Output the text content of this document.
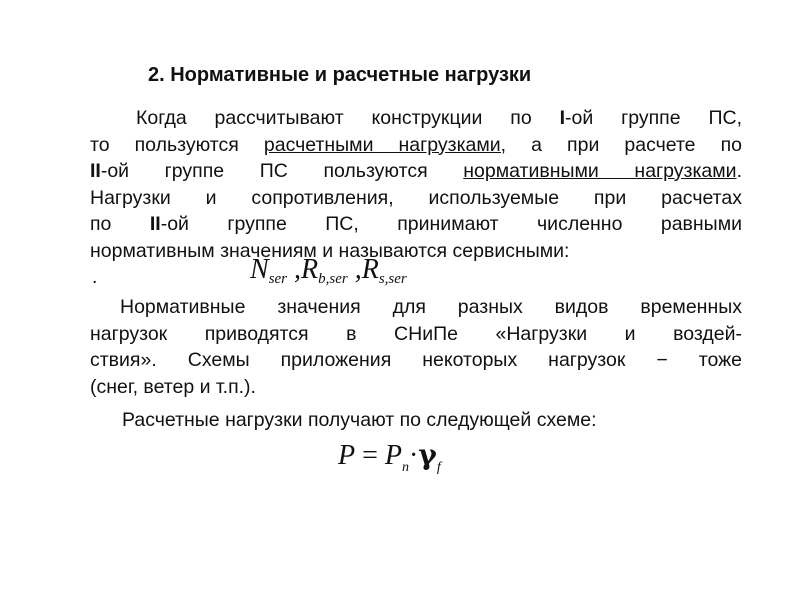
2. Нормативные и расчетные нагрузки
Когда рассчитывают конструкции по I-ой группе ПС,
то пользуются расчетными нагрузками, а при расчете по
II-ой группе ПС пользуются нормативными нагрузками.
Нагрузки и сопротивления, используемые при расчетах
по II-ой группе ПС, принимают численно равными
нормативным значениям и называются сервисными:
.	$N_{ser}$ $,R_{b,ser}$ $,R_{s,ser}$
Нормативные значения для разных видов временных
нагрузок приводятся в СНиПе «Нагрузки и воздей-
ствия». Схемы приложения некоторых нагрузок − тоже
(снег, ветер и т.п.).
Расчетные нагрузки получают по следующей схеме:
$P = P_n\cdot\gamma_f$
